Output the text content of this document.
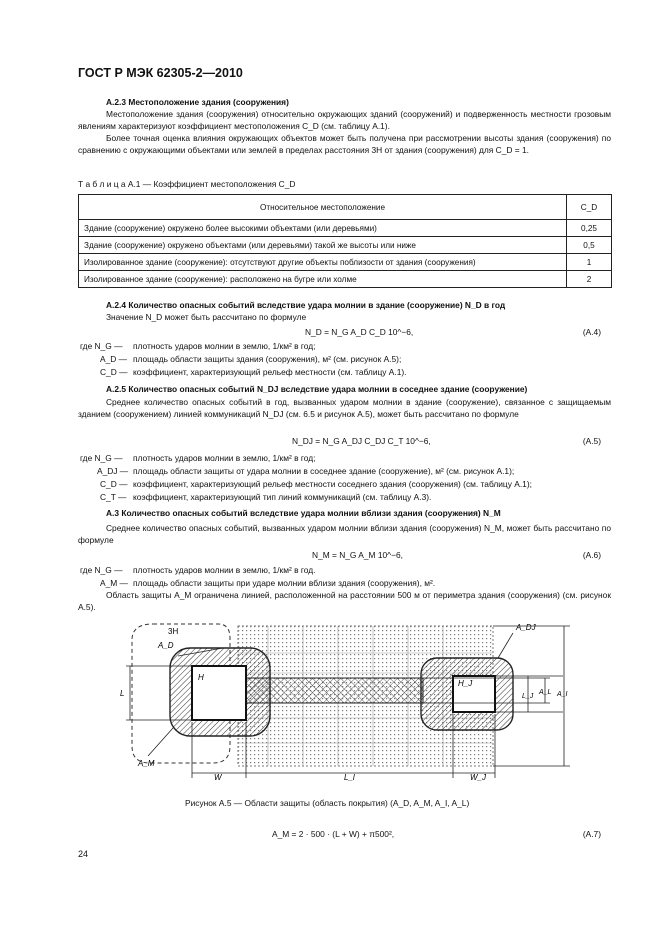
ГОСТ Р МЭК 62305-2—2010
А.2.3 Местоположение здания (сооружения)
Местоположение здания (сооружения) относительно окружающих зданий (сооружений) и подверженность местности грозовым явлениям характеризуют коэффициент местоположения C_D (см. таблицу А.1).
Более точная оценка влияния окружающих объектов может быть получена при рассмотрении высоты здания (сооружения) по сравнению с окружающими объектами или землей в пределах расстояния 3H от здания (сооружения) для C_D = 1.
Т а б л и ц а А.1 — Коэффициент местоположения C_D
Относительное местоположение	C_D
Здание (сооружение) окружено более высокими объектами (или деревьями)	0,25
Здание (сооружение) окружено объектами (или деревьями) такой же высоты или ниже	0,5
Изолированное здание (сооружение): отсутствуют другие объекты поблизости от здания (сооружения)	1
Изолированное здание (сооружение): расположено на бугре или холме	2
А.2.4 Количество опасных событий вследствие удара молнии в здание (сооружение) N_D в год
Значение N_D может быть рассчитано по формуле
N_D = N_G A_D C_D 10^−6,	(А.4)
где N_G — плотность ударов молнии в землю, 1/км² в год;
A_D — площадь области защиты здания (сооружения), м² (см. рисунок А.5);
C_D — коэффициент, характеризующий рельеф местности (см. таблицу А.1).
А.2.5 Количество опасных событий N_DJ вследствие удара молнии в соседнее здание (сооружение)
Среднее количество опасных событий в год, вызванных ударом молнии в здание (сооружение), связанное с защищаемым зданием (сооружением) линией коммуникаций N_DJ (см. 6.5 и рисунок А.5), может быть рассчитано по формуле
N_DJ = N_G A_DJ C_DJ C_T 10^−6,	(А.5)
где N_G — плотность ударов молнии в землю, 1/км² в год;
A_DJ — площадь области защиты от удара молнии в соседнее здание (сооружение), м² (см. рисунок А.1);
C_D — коэффициент, характеризующий рельеф местности соседнего здания (сооружения) (см. таблицу А.1);
C_T — коэффициент, характеризующий тип линий коммуникаций (см. таблицу А.3).
А.3 Количество опасных событий вследствие удара молнии вблизи здания (сооружения) N_M
Среднее количество опасных событий, вызванных ударом молнии вблизи здания (сооружения) N_M, может быть рассчитано по формуле
N_M = N_G A_M 10^−6,	(А.6)
где N_G — плотность ударов молнии в землю, 1/км² в год.
A_M — площадь области защиты при ударе молнии вблизи здания (сооружения), м².
Область защиты A_M ограничена линией, расположенной на расстоянии 500 м от периметра здания (сооружения) (см. рисунок А.5).
3H
A_D
H
L
A_M
W	L_l	W_J
A_DJ
H_J
L_J
A_L A_I
Рисунок А.5 — Области защиты (область покрытия) (A_D, A_M, A_I, A_L)
A_M = 2 · 500 · (L + W) + π500²,	(А.7)
24
